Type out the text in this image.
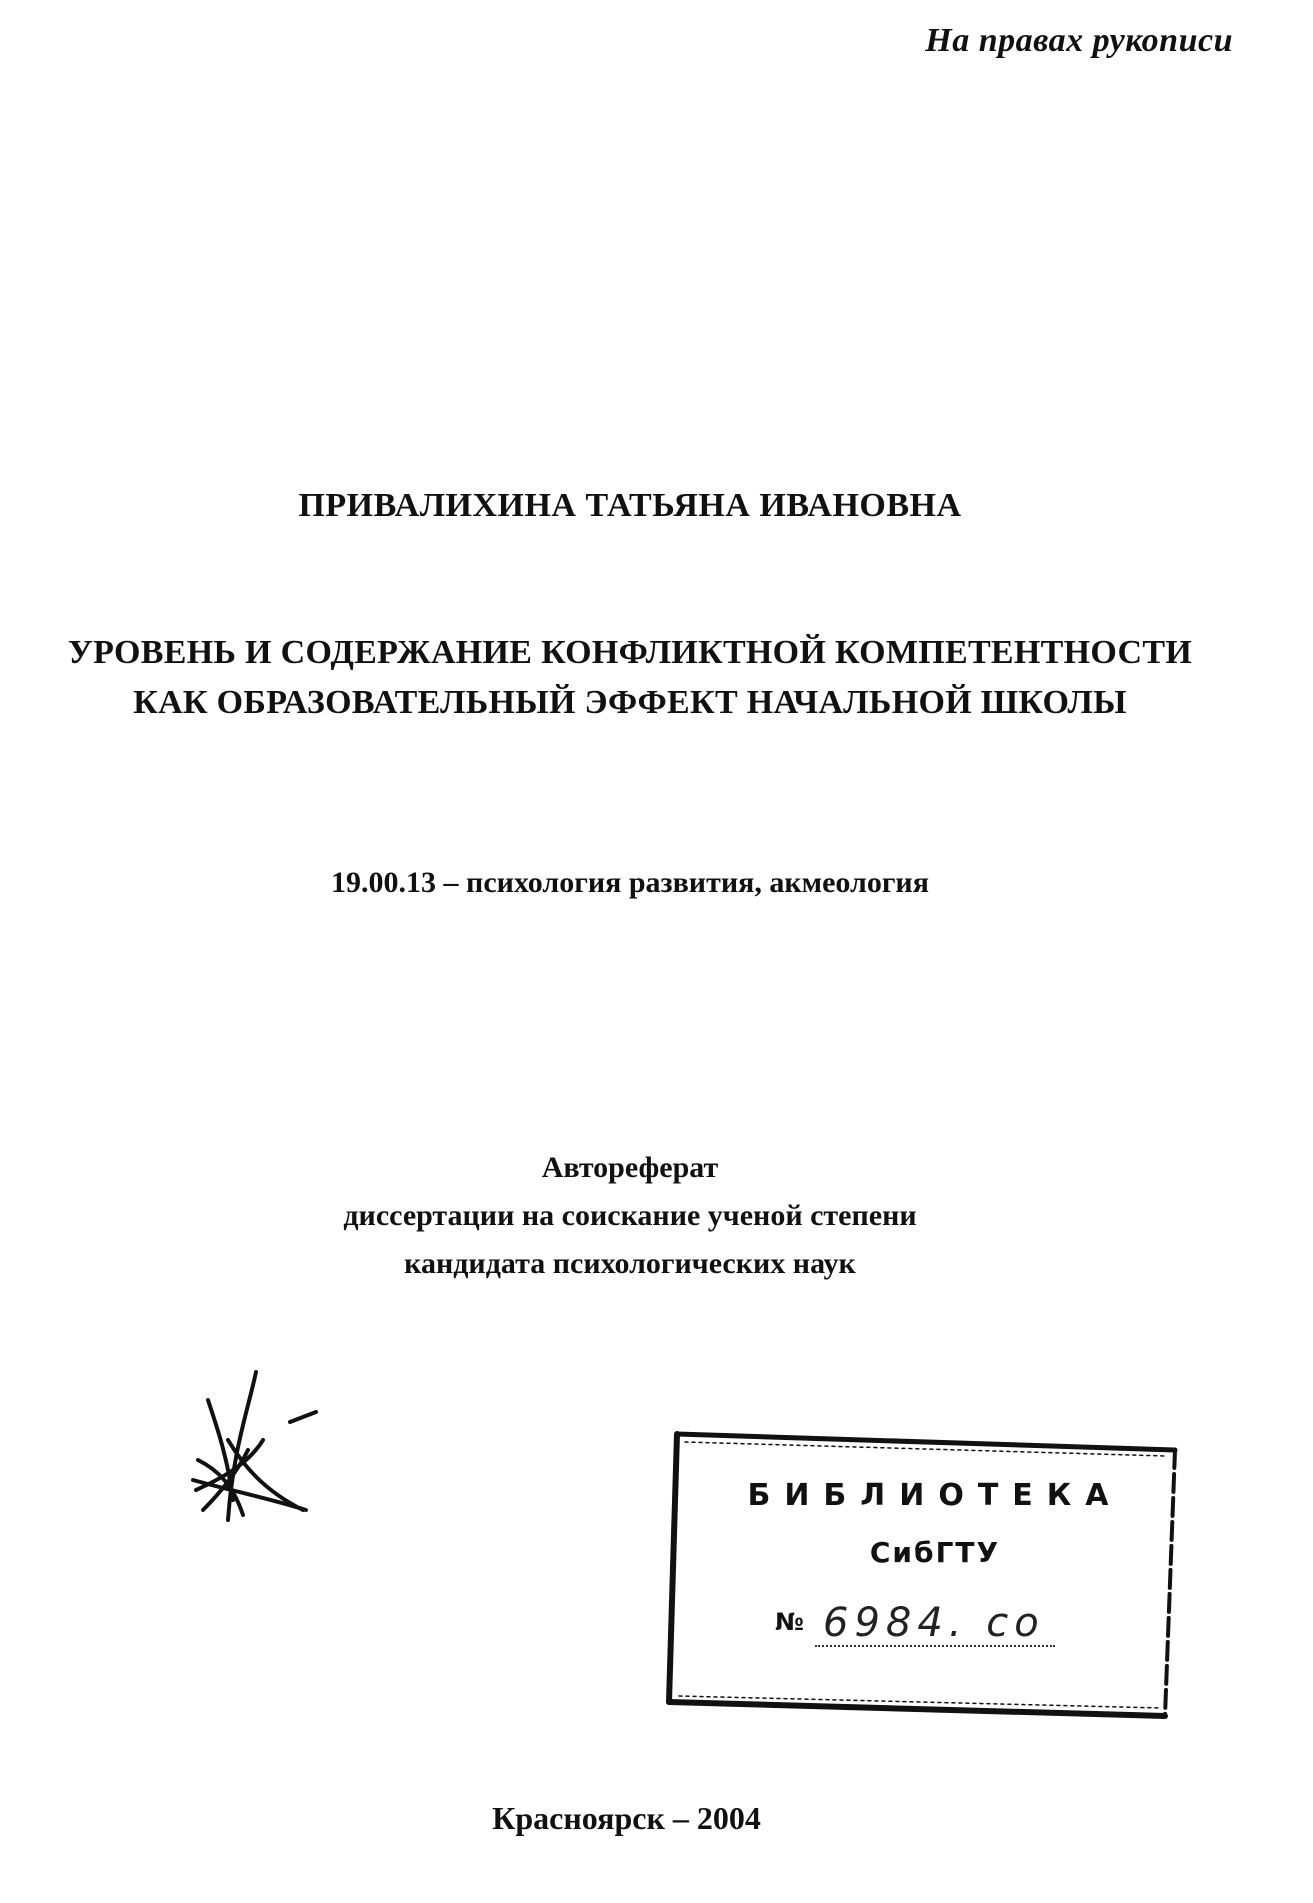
На правах рукописи
ПРИВАЛИХИНА ТАТЬЯНА ИВАНОВНА
УРОВЕНЬ И СОДЕРЖАНИЕ КОНФЛИКТНОЙ КОМПЕТЕНТНОСТИ
КАК ОБРАЗОВАТЕЛЬНЫЙ ЭФФЕКТ НАЧАЛЬНОЙ ШКОЛЫ
19.00.13 – психология развития, акмеология
Автореферат
диссертации на соискание ученой степени
кандидата психологических наук
БИБЛИОТЕКА
СибГТУ
№ 6984. со
Красноярск – 2004
